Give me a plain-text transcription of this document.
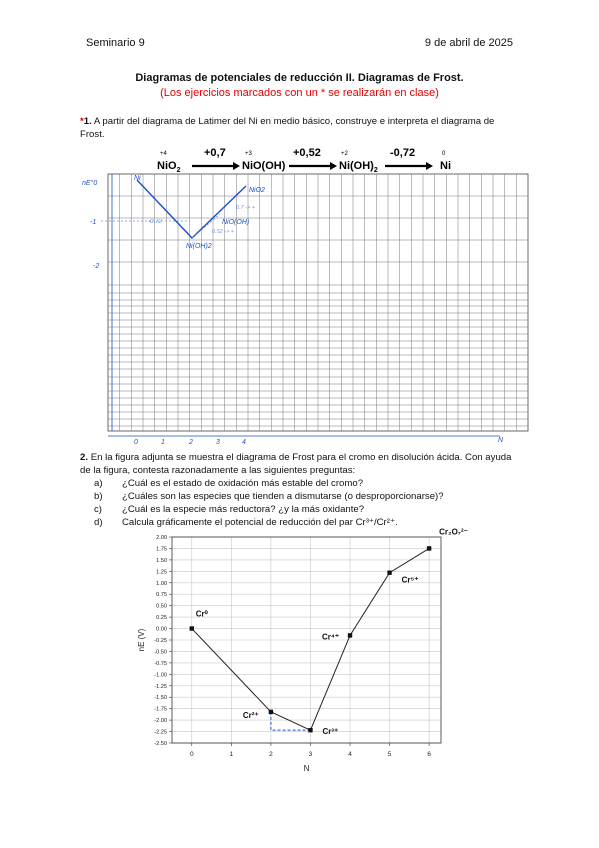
Seminario 9	9 de abril de 2025
Diagramas de potenciales de reducción II. Diagramas de Frost.
(Los ejercicios marcados con un * se realizarán en clase)
*1. A partir del diagrama de Latimer del Ni en medio básico, construye e interpreta el diagrama de
Frost.
NiO$_2$
+4	+0,7
NiO(OH)
+3	+0,52
$Ni(OH)_2$
+2	-0,72
Ni
0
nE°0
-1
-2
-0.72
Ni
NiO2
NiO(OH)
Ni(OH)2
0.7 -> +
0.52 -> +
0	1	2	3	4	N
2. En la figura adjunta se muestra el diagrama de Frost para el cromo en disolución ácida. Con ayuda
de la figura, contesta razonadamente a las siguientes preguntas:
a) ¿Cuál es el estado de oxidación más estable del cromo?
b) ¿Cuáles son las especies que tienden a dismutarse (o desproporcionarse)?
c) ¿Cuál es la especie más reductora? ¿y la más oxidante?
d) Calcula gráficamente el potencial de reducción del par Cr³⁺/Cr²⁺.
2.00
1.75
1.50
1.25
1.00
0.75
0.50
0.25
0.00
-0.25
-0.50
-0.75
-1.00
-1.25
-1.50
-1.75
-2.00
-2.25
-2.50
0	1	2	3	4	5	6
N
nE (V)
Cr⁰
Cr²⁺
Cr³⁺
Cr⁴⁺
Cr⁵⁺
Cr₂O₇²⁻
